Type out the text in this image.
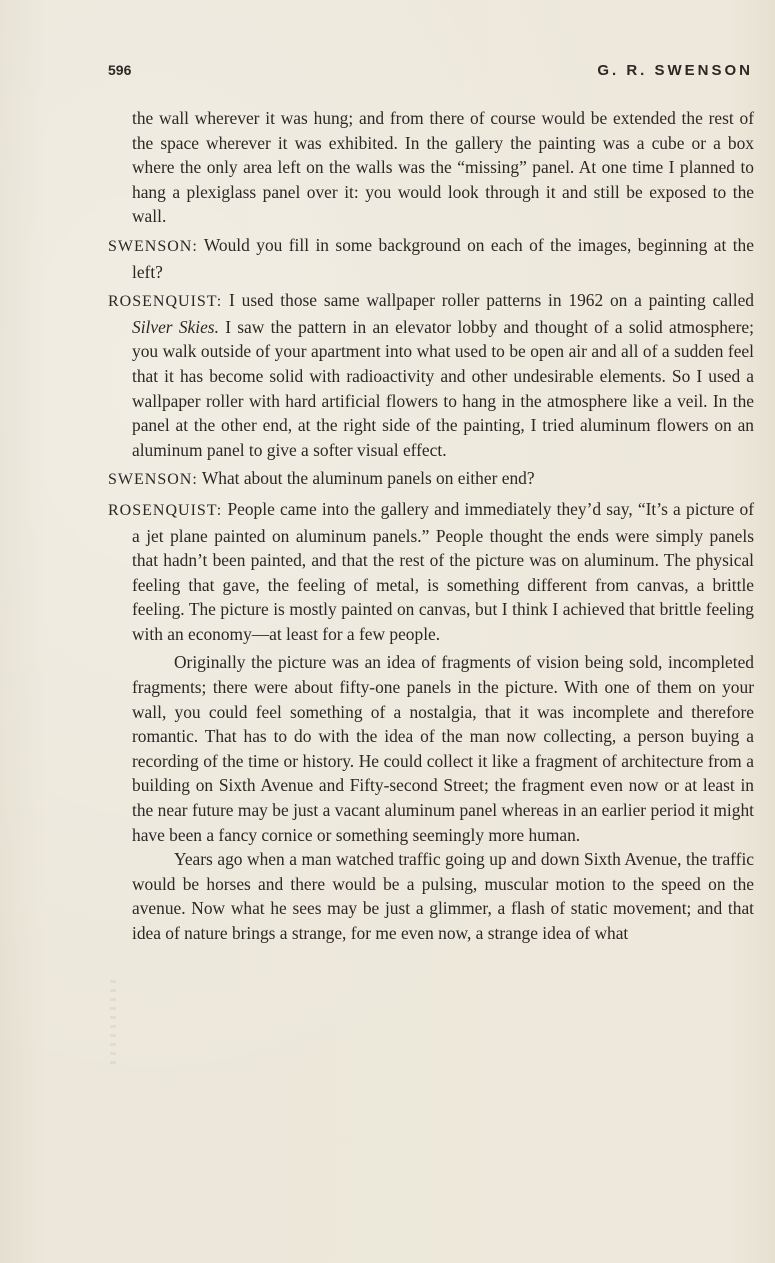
596	G. R. SWENSON

the wall wherever it was hung; and from there of course would be extended the rest of the space wherever it was exhibited. In the gallery the painting was a cube or a box where the only area left on the walls was the “missing” panel. At one time I planned to hang a plexiglass panel over it: you would look through it and still be exposed to the wall.

SWENSON: Would you fill in some background on each of the images, beginning at the left?

ROSENQUIST: I used those same wallpaper roller patterns in 1962 on a painting called Silver Skies. I saw the pattern in an elevator lobby and thought of a solid atmosphere; you walk outside of your apartment into what used to be open air and all of a sudden feel that it has become solid with radioactivity and other undesirable elements. So I used a wallpaper roller with hard artificial flowers to hang in the atmosphere like a veil. In the panel at the other end, at the right side of the painting, I tried aluminum flowers on an aluminum panel to give a softer visual effect.

SWENSON: What about the aluminum panels on either end?

ROSENQUIST: People came into the gallery and immediately they’d say, “It’s a picture of a jet plane painted on aluminum panels.” People thought the ends were simply panels that hadn’t been painted, and that the rest of the picture was on aluminum. The physical feeling that gave, the feeling of metal, is something different from canvas, a brittle feeling. The picture is mostly painted on canvas, but I think I achieved that brittle feeling with an economy—at least for a few people.

Originally the picture was an idea of fragments of vision being sold, incompleted fragments; there were about fifty-one panels in the picture. With one of them on your wall, you could feel something of a nostalgia, that it was incomplete and therefore romantic. That has to do with the idea of the man now collecting, a person buying a recording of the time or history. He could collect it like a fragment of architecture from a building on Sixth Avenue and Fifty-second Street; the fragment even now or at least in the near future may be just a vacant aluminum panel whereas in an earlier period it might have been a fancy cornice or something seemingly more human.

Years ago when a man watched traffic going up and down Sixth Avenue, the traffic would be horses and there would be a pulsing, muscular motion to the speed on the avenue. Now what he sees may be just a glimmer, a flash of static movement; and that idea of nature brings a strange, for me even now, a strange idea of what
